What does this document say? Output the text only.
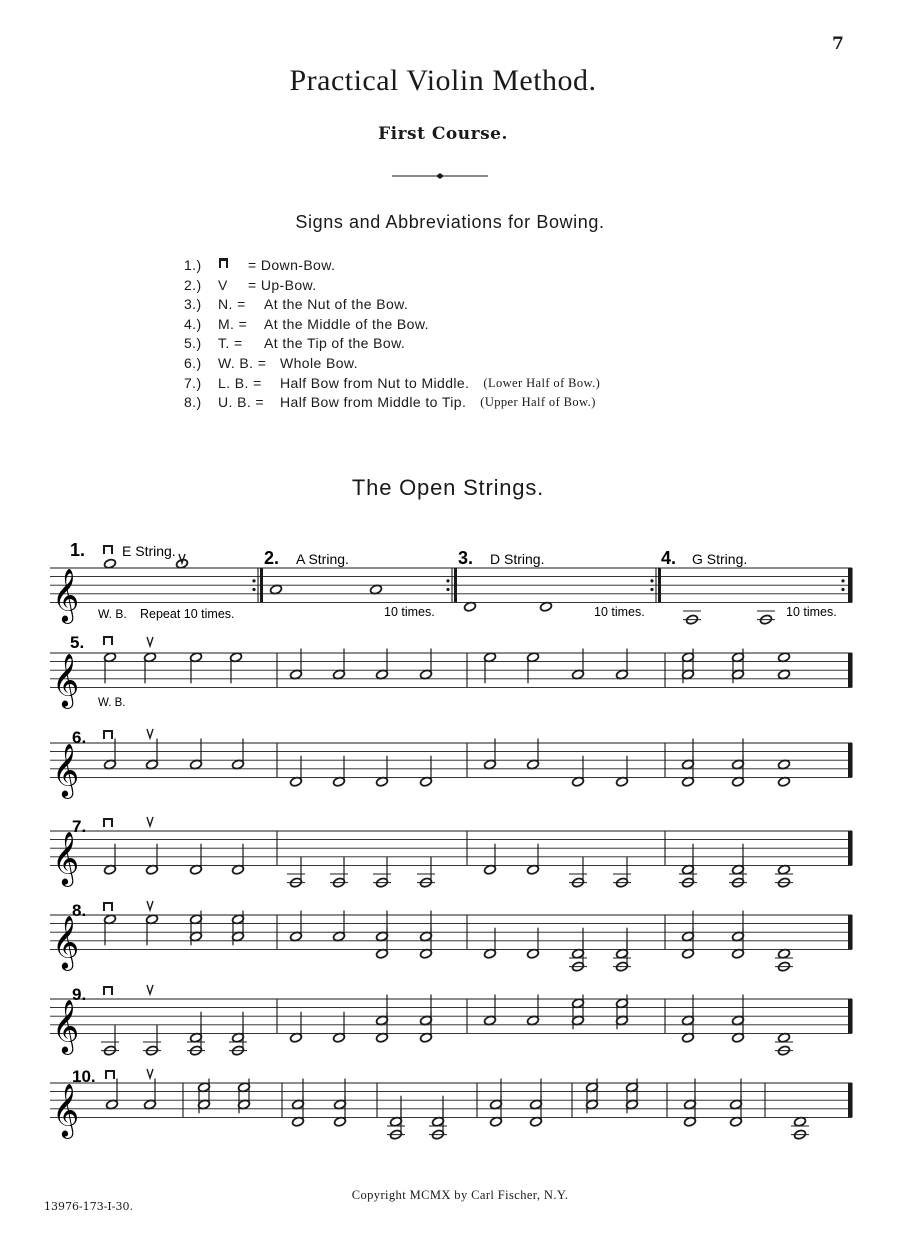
7
Practical Violin Method.
First Course.
Signs and Abbreviations for Bowing.
1.)	= Down-Bow.
2.)	V	= Up-Bow.
3.)	N. =	At the Nut of the Bow.
4.)	M. =	At the Middle of the Bow.
5.)	T. =	At the Tip of the Bow.
6.)	W. B. = Whole Bow.
7.)	L. B. =	Half Bow from Nut to Middle. (Lower Half of Bow.)
8.)	U. B. =	Half Bow from Middle to Tip. (Upper Half of Bow.)
The Open Strings.
𝄞
𝄞
𝄞
𝄞
𝄞
𝄞
𝄞
1.	E String.	2. A String.	3. D String.	4. G String.
W. B. Repeat 10 times.	10 times.	10 times.	10 times.
5.
W. B.
6.
7.
8.
9.
10.
Copyright MCMX by Carl Fischer, N.Y.
13976-173-I-30.
